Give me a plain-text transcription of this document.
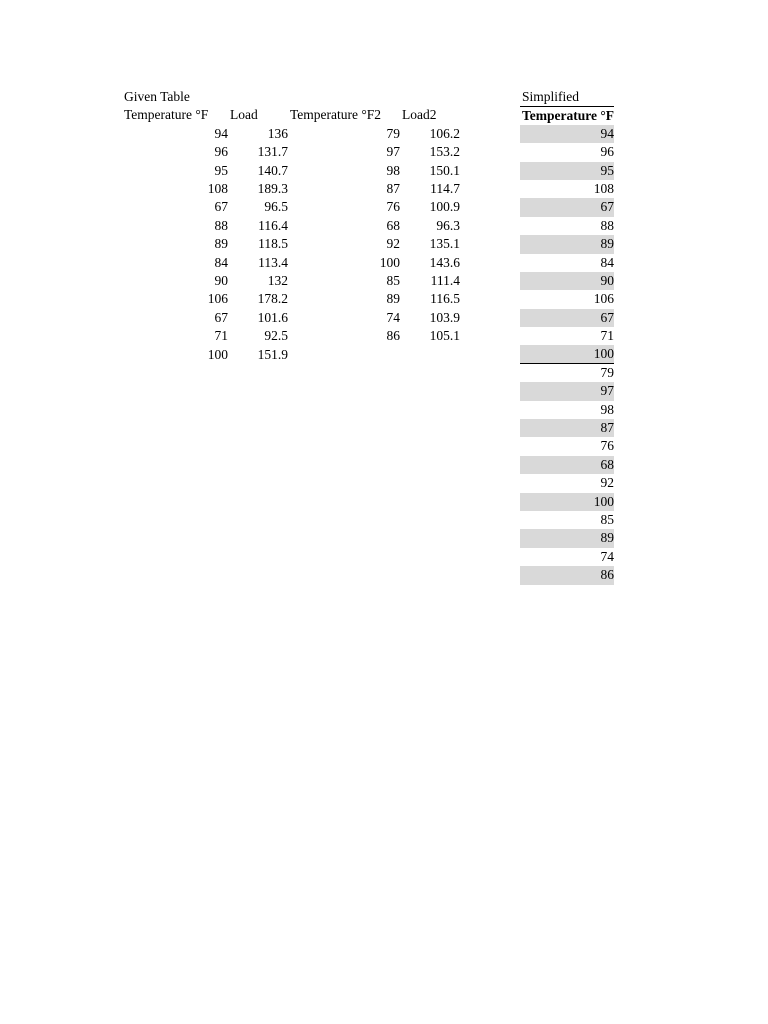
Given Table
Temperature °F Load Temperature °F2 Load2
94
96
95
108
67
88
89
84
90
106
67
71
100
136
131.7
140.7
189.3
96.5
116.4
118.5
113.4
132
178.2
101.6
92.5
151.9
79
97
98
87
76
68
92
100
85
89
74
86
106.2
153.2
150.1
114.7
100.9
96.3
135.1
143.6
111.4
116.5
103.9
105.1
Simplified
Temperature °F
94
96
95
108
67
88
89
84
90
106
67
71
100
79
97
98
87
76
68
92
100
85
89
74
86
